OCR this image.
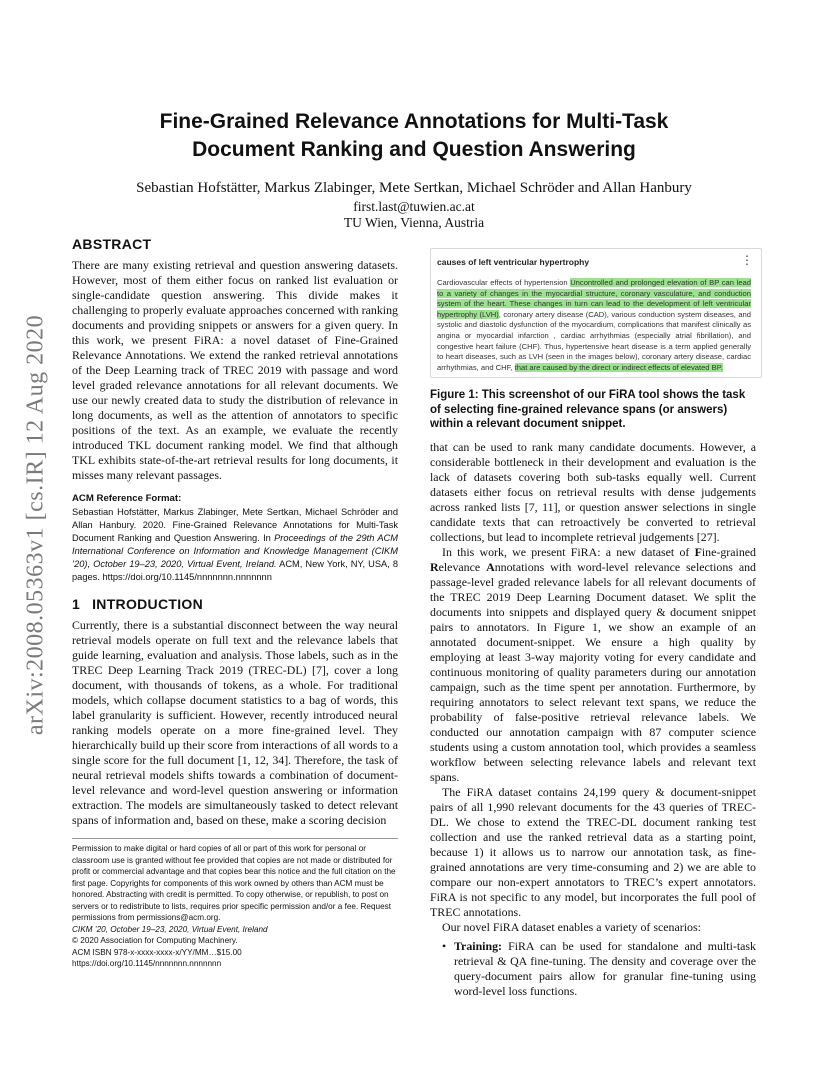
arXiv:2008.05363v1 [cs.IR] 12 Aug 2020
Fine-Grained Relevance Annotations for Multi-Task
Document Ranking and Question Answering
Sebastian Hofstätter, Markus Zlabinger, Mete Sertkan, Michael Schröder and Allan Hanbury
first.last@tuwien.ac.at
TU Wien, Vienna, Austria
ABSTRACT

There are many existing retrieval and question answering datasets. However, most of them either focus on ranked list evaluation or single-candidate question answering. This divide makes it challenging to properly evaluate approaches concerned with ranking documents and providing snippets or answers for a given query. In this work, we present FiRA: a novel dataset of Fine-Grained Relevance Annotations. We extend the ranked retrieval annotations of the Deep Learning track of TREC 2019 with passage and word level graded relevance annotations for all relevant documents. We use our newly created data to study the distribution of relevance in long documents, as well as the attention of annotators to specific positions of the text. As an example, we evaluate the recently introduced TKL document ranking model. We find that although TKL exhibits state-of-the-art retrieval results for long documents, it misses many relevant passages.

ACM Reference Format:
Sebastian Hofstätter, Markus Zlabinger, Mete Sertkan, Michael Schröder and Allan Hanbury. 2020. Fine-Grained Relevance Annotations for Multi-Task Document Ranking and Question Answering. In Proceedings of the 29th ACM International Conference on Information and Knowledge Management (CIKM ’20), October 19–23, 2020, Virtual Event, Ireland. ACM, New York, NY, USA, 8 pages. https://doi.org/10.1145/nnnnnnn.nnnnnnn
1 INTRODUCTION

Currently, there is a substantial disconnect between the way neural retrieval models operate on full text and the relevance labels that guide learning, evaluation and analysis. Those labels, such as in the TREC Deep Learning Track 2019 (TREC-DL) [7], cover a long document, with thousands of tokens, as a whole. For traditional models, which collapse document statistics to a bag of words, this label granularity is sufficient. However, recently introduced neural ranking models operate on a more fine-grained level. They hierarchically build up their score from interactions of all words to a single score for the full document [1, 12, 34]. Therefore, the task of neural retrieval models shifts towards a combination of document-level relevance and word-level question answering or information extraction. The models are simultaneously tasked to detect relevant spans of information and, based on these, make a scoring decision

Permission to make digital or hard copies of all or part of this work for personal or classroom use is granted without fee provided that copies are not made or distributed for profit or commercial advantage and that copies bear this notice and the full citation on the first page. Copyrights for components of this work owned by others than ACM must be honored. Abstracting with credit is permitted. To copy otherwise, or republish, to post on servers or to redistribute to lists, requires prior specific permission and/or a fee. Request permissions from permissions@acm.org.
CIKM ’20, October 19–23, 2020, Virtual Event, Ireland
© 2020 Association for Computing Machinery.
ACM ISBN 978-x-xxxx-xxxx-x/YY/MM…$15.00
https://doi.org/10.1145/nnnnnnn.nnnnnnn
causes of left ventricular hypertrophy	⋮
Cardiovascular effects of hypertension Uncontrolled and prolonged elevation of BP can lead to a variety of changes in the myocardial structure, coronary vasculature, and conduction system of the heart. These changes in turn can lead to the development of left ventricular hypertrophy (LVH), coronary artery disease (CAD), various conduction system diseases, and systolic and diastolic dysfunction of the myocardium, complications that manifest clinically as angina or myocardial infarction , cardiac arrhythmias (especially atrial fibrillation), and congestive heart failure (CHF). Thus, hypertensive heart disease is a term applied generally to heart diseases, such as LVH (seen in the images below), coronary artery disease, cardiac arrhythmias, and CHF, that are caused by the direct or indirect effects of elevated BP.
Figure 1: This screenshot of our FiRA tool shows the task of selecting fine-grained relevance spans (or answers) within a relevant document snippet.

that can be used to rank many candidate documents. However, a considerable bottleneck in their development and evaluation is the lack of datasets covering both sub-tasks equally well. Current datasets either focus on retrieval results with dense judgements across ranked lists [7, 11], or question answer selections in single candidate texts that can retroactively be converted to retrieval collections, but lead to incomplete retrieval judgements [27].

In this work, we present FiRA: a new dataset of Fine-grained Relevance Annotations with word-level relevance selections and passage-level graded relevance labels for all relevant documents of the TREC 2019 Deep Learning Document dataset. We split the documents into snippets and displayed query & document snippet pairs to annotators. In Figure 1, we show an example of an annotated document-snippet. We ensure a high quality by employing at least 3-way majority voting for every candidate and continuous monitoring of quality parameters during our annotation campaign, such as the time spent per annotation. Furthermore, by requiring annotators to select relevant text spans, we reduce the probability of false-positive retrieval relevance labels. We conducted our annotation campaign with 87 computer science students using a custom annotation tool, which provides a seamless workflow between selecting relevance labels and relevant text spans.

The FiRA dataset contains 24,199 query & document-snippet pairs of all 1,990 relevant documents for the 43 queries of TREC-DL. We chose to extend the TREC-DL document ranking test collection and use the ranked retrieval data as a starting point, because 1) it allows us to narrow our annotation task, as fine-grained annotations are very time-consuming and 2) we are able to compare our non-expert annotators to TREC’s expert annotators. FiRA is not specific to any model, but incorporates the full pool of TREC annotations.

Our novel FiRA dataset enables a variety of scenarios:

• Training: FiRA can be used for standalone and multi-task retrieval & QA fine-tuning. The density and coverage over the query-document pairs allow for granular fine-tuning using word-level loss functions.
